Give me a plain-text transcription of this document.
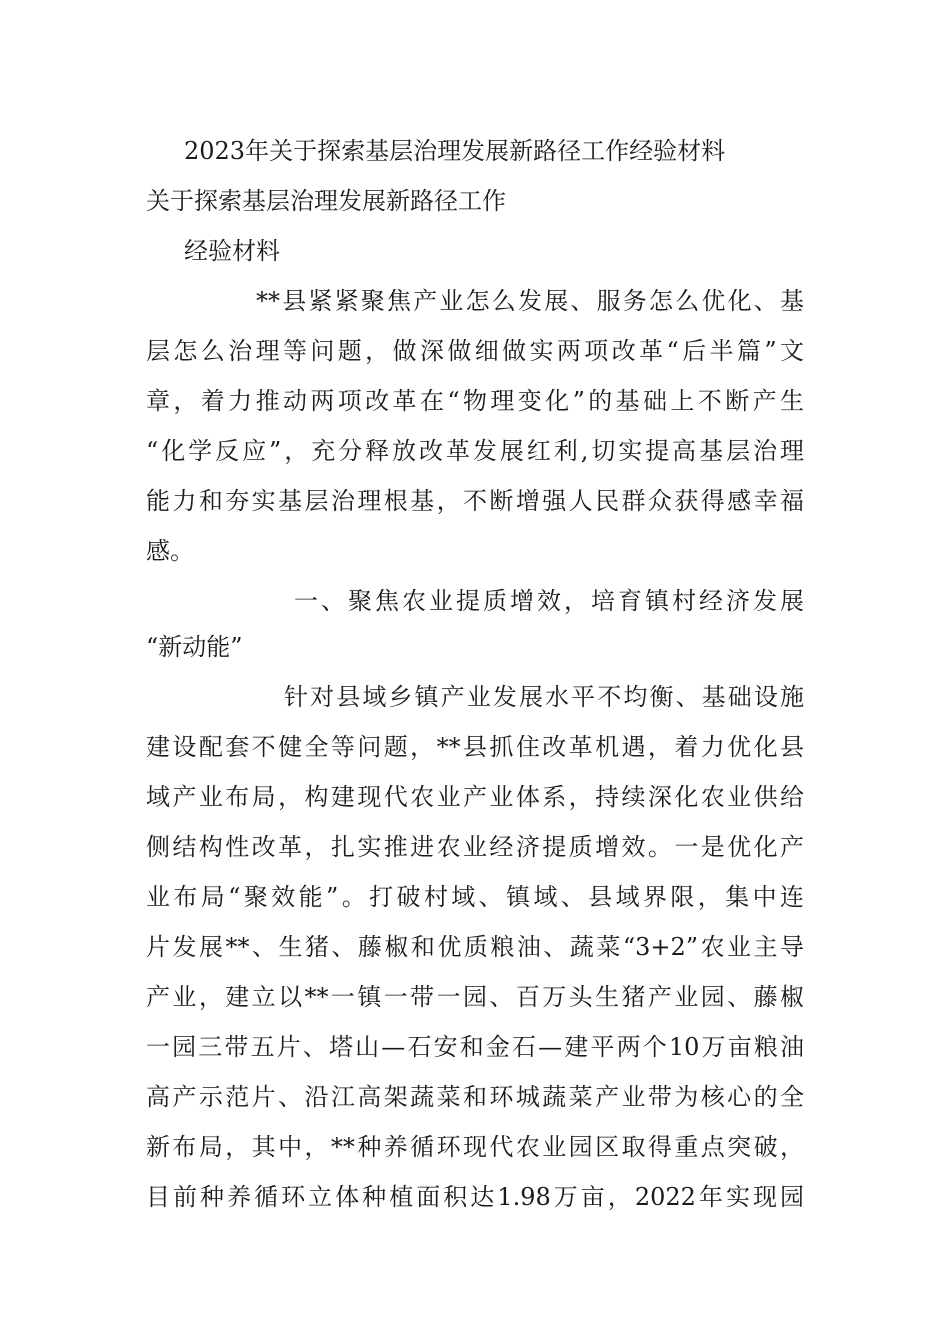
2023年关于探索基层治理发展新路径工作经验材料
关于探索基层治理发展新路径工作
经验材料
**县紧紧聚焦产业怎么发展、服务怎么优化、基
层怎么治理等问题，做深做细做实两项改革“后半篇”文
章，着力推动两项改革在“物理变化”的基础上不断产生
“化学反应”，充分释放改革发展红利,切实提高基层治理
能力和夯实基层治理根基，不断增强人民群众获得感幸福
感。
一、聚焦农业提质增效，培育镇村经济发展
“新动能”
针对县域乡镇产业发展水平不均衡、基础设施
建设配套不健全等问题，**县抓住改革机遇，着力优化县
域产业布局，构建现代农业产业体系，持续深化农业供给
侧结构性改革，扎实推进农业经济提质增效。一是优化产
业布局“聚效能”。打破村域、镇域、县域界限，集中连
片发展**、生猪、藤椒和优质粮油、蔬菜“3+2”农业主导
产业，建立以**一镇一带一园、百万头生猪产业园、藤椒
一园三带五片、塔山—石安和金石—建平两个10万亩粮油
高产示范片、沿江高架蔬菜和环城蔬菜产业带为核心的全
新布局，其中，**种养循环现代农业园区取得重点突破，
目前种养循环立体种植面积达1.98万亩，2022年实现园
